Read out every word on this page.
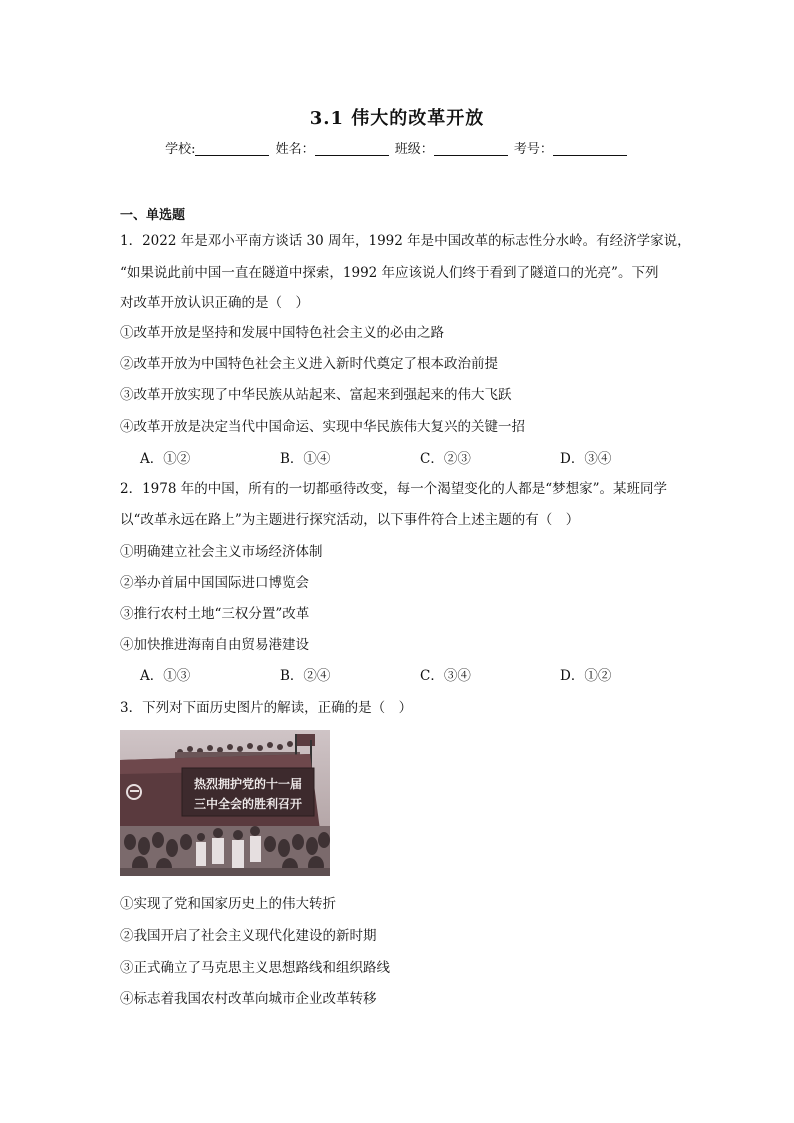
3.1 伟大的改革开放
学校:	姓名：	班级：	考号：
一、单选题
1．2022 年是邓小平南方谈话 30 周年，1992 年是中国改革的标志性分水岭。有经济学家说，
“如果说此前中国一直在隧道中探索，1992 年应该说人们终于看到了隧道口的光亮”。下列
对改革开放认识正确的是（　）
①改革开放是坚持和发展中国特色社会主义的必由之路
②改革开放为中国特色社会主义进入新时代奠定了根本政治前提
③改革开放实现了中华民族从站起来、富起来到强起来的伟大飞跃
④改革开放是决定当代中国命运、实现中华民族伟大复兴的关键一招
A．①②	B．①④	C．②③	D．③④
2．1978 年的中国，所有的一切都亟待改变，每一个渴望变化的人都是“梦想家”。某班同学
以“改革永远在路上”为主题进行探究活动，以下事件符合上述主题的有（　）
①明确建立社会主义市场经济体制
②举办首届中国国际进口博览会
③推行农村土地“三权分置”改革
④加快推进海南自由贸易港建设
A．①③	B．②④	C．③④	D．①②
3．下列对下面历史图片的解读，正确的是（　）
热烈拥护党的十一届
三中全会的胜利召开
①实现了党和国家历史上的伟大转折
②我国开启了社会主义现代化建设的新时期
③正式确立了马克思主义思想路线和组织路线
④标志着我国农村改革向城市企业改革转移
